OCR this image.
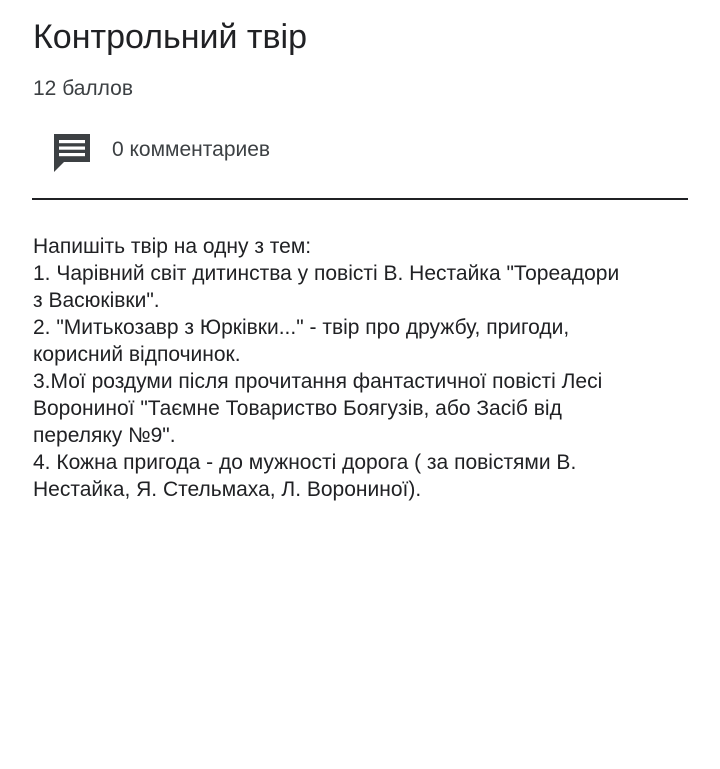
Контрольний твір
12 баллов
0 комментариев
Напишіть твір на одну з тем:
1. Чарівний світ дитинства у повісті В. Нестайка "Тореадори
з Васюківки".
2. "Митькозавр з Юрківки..." - твір про дружбу, пригоди,
корисний відпочинок.
3.Мої роздуми після прочитання фантастичної повісті Лесі
Ворониної "Таємне Товариство Боягузів, або Засіб від
переляку №9".
4. Кожна пригода - до мужності дорога ( за повістями В.
Нестайка, Я. Стельмаха, Л. Ворониної).
